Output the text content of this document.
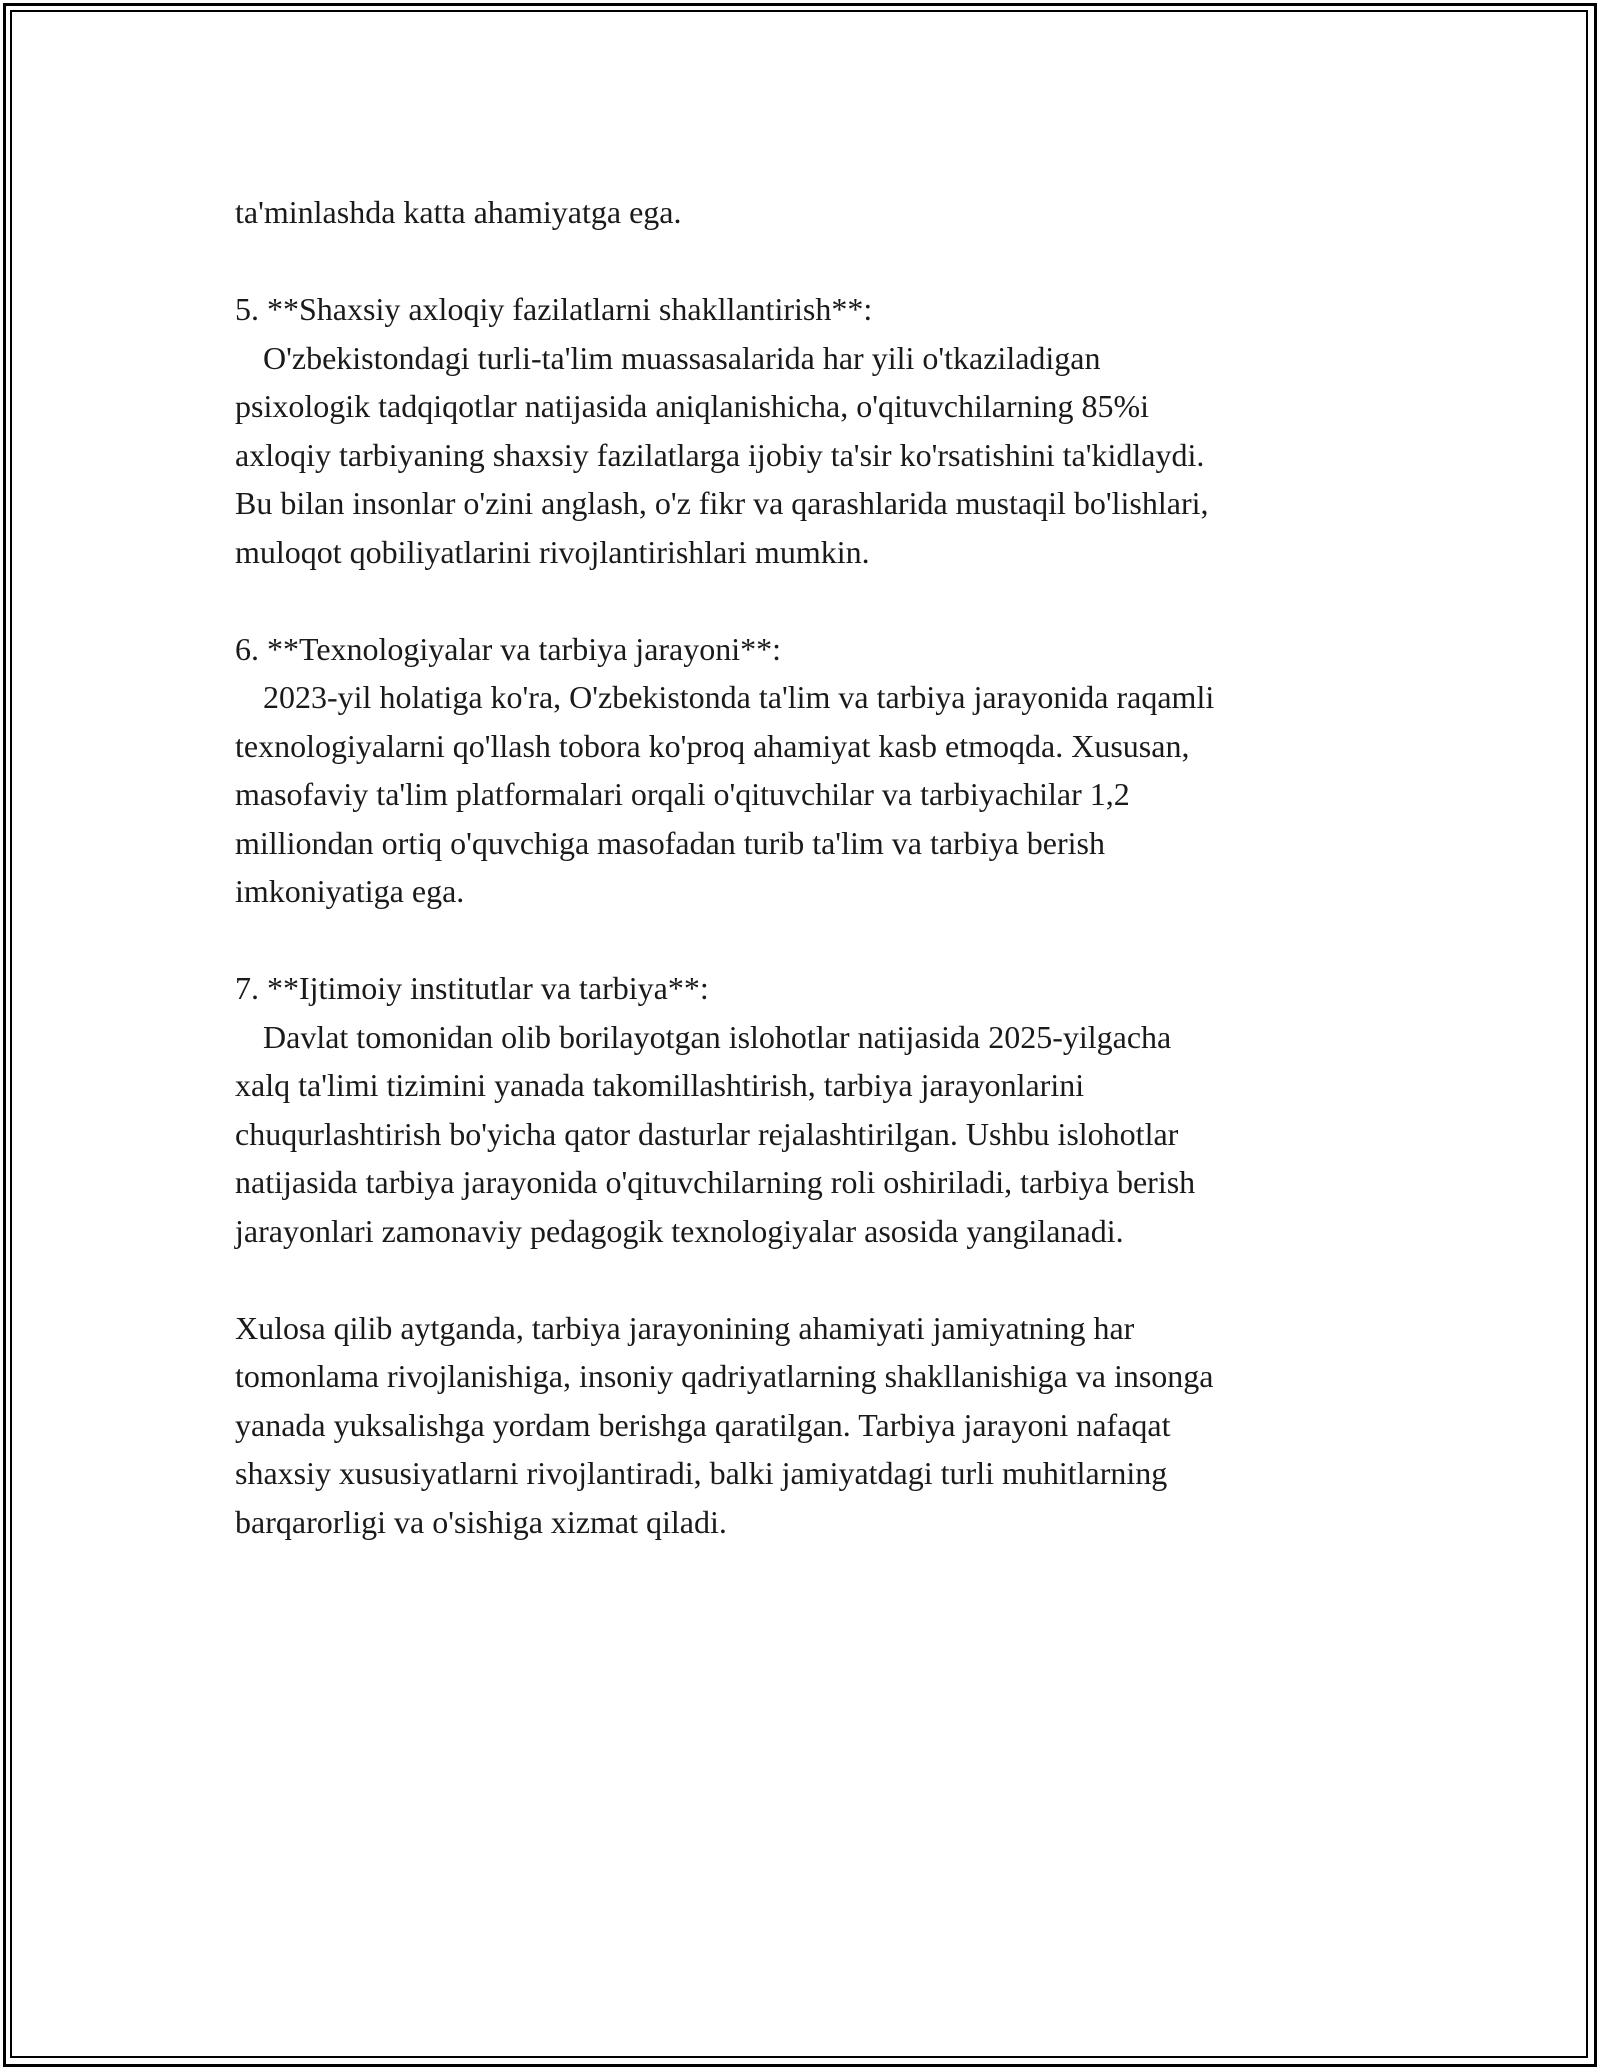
ta'minlashda katta ahamiyatga ega.

5. **Shaxsiy axloqiy fazilatlarni shakllantirish**:

O'zbekistondagi turli-ta'lim muassasalarida har yili o'tkaziladigan
psixologik tadqiqotlar natijasida aniqlanishicha, o'qituvchilarning 85%i
axloqiy tarbiyaning shaxsiy fazilatlarga ijobiy ta'sir ko'rsatishini ta'kidlaydi.
Bu bilan insonlar o'zini anglash, o'z fikr va qarashlarida mustaqil bo'lishlari,
muloqot qobiliyatlarini rivojlantirishlari mumkin.

6. **Texnologiyalar va tarbiya jarayoni**:

2023-yil holatiga ko'ra, O'zbekistonda ta'lim va tarbiya jarayonida raqamli
texnologiyalarni qo'llash tobora ko'proq ahamiyat kasb etmoqda. Xususan,
masofaviy ta'lim platformalari orqali o'qituvchilar va tarbiyachilar 1,2
milliondan ortiq o'quvchiga masofadan turib ta'lim va tarbiya berish
imkoniyatiga ega.

7. **Ijtimoiy institutlar va tarbiya**:

Davlat tomonidan olib borilayotgan islohotlar natijasida 2025-yilgacha
xalq ta'limi tizimini yanada takomillashtirish, tarbiya jarayonlarini
chuqurlashtirish bo'yicha qator dasturlar rejalashtirilgan. Ushbu islohotlar
natijasida tarbiya jarayonida o'qituvchilarning roli oshiriladi, tarbiya berish
jarayonlari zamonaviy pedagogik texnologiyalar asosida yangilanadi.

Xulosa qilib aytganda, tarbiya jarayonining ahamiyati jamiyatning har
tomonlama rivojlanishiga, insoniy qadriyatlarning shakllanishiga va insonga
yanada yuksalishga yordam berishga qaratilgan. Tarbiya jarayoni nafaqat
shaxsiy xususiyatlarni rivojlantiradi, balki jamiyatdagi turli muhitlarning
barqarorligi va o'sishiga xizmat qiladi.
